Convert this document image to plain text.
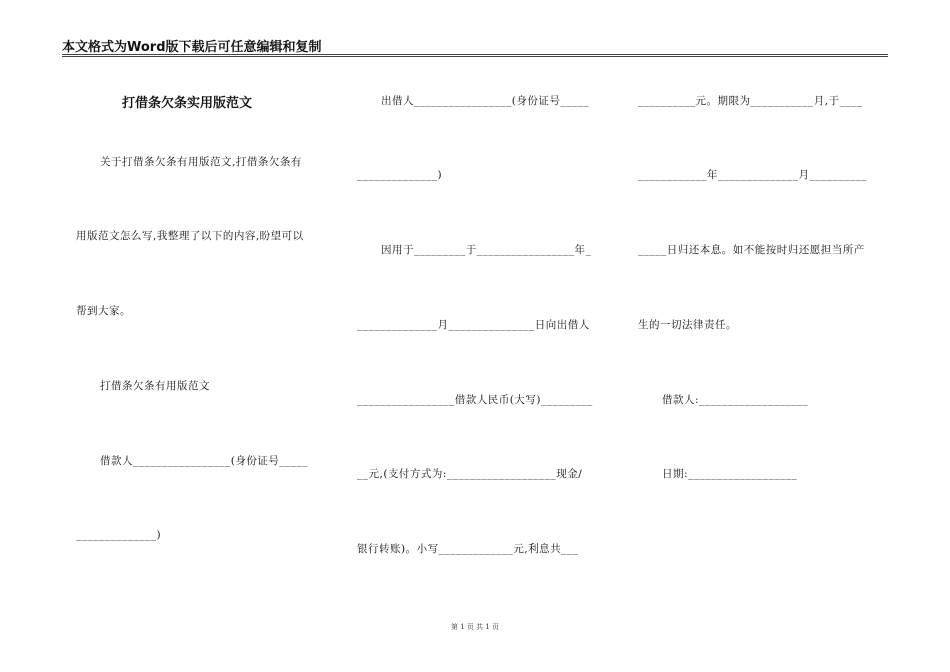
本文格式为Word版下载后可任意编辑和复制
打借条欠条实用版范文
关于打借条欠条有用版范文,打借条欠条有
用版范文怎么写,我整理了以下的内容,盼望可以
帮到大家。
打借条欠条有用版范文
借款人_________________(身份证号_____
______________)
出借人_________________(身份证号_____
______________)
因用于_________于_________________年_
______________月_______________日向出借人
_________________借款人民币(大写)_________
__元,(支付方式为:___________________现金/
银行转账)。小写_____________元,利息共___
__________元。期限为___________月,于____
____________年______________月__________
_____日归还本息。如不能按时归还愿担当所产
生的一切法律责任。
借款人:___________________
日期:___________________
第 1 页 共 1 页
